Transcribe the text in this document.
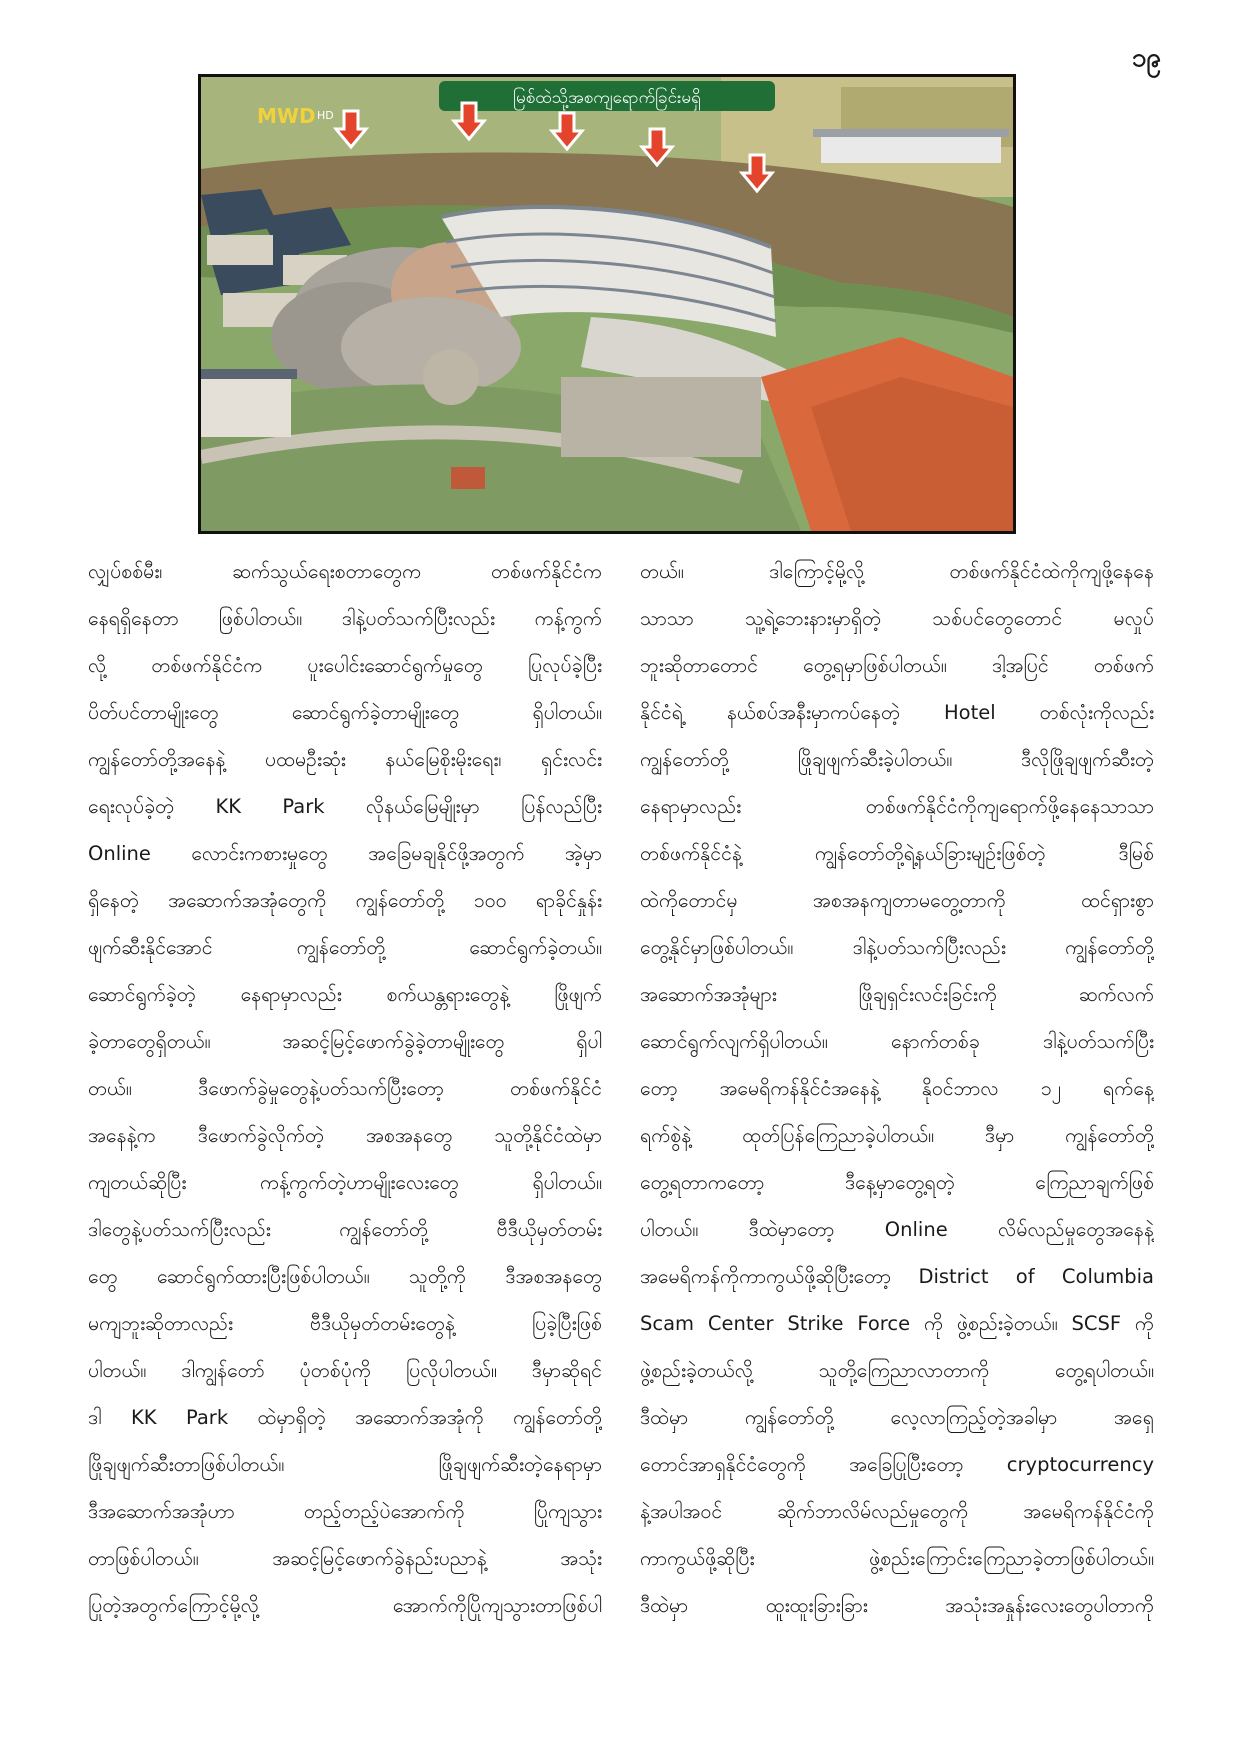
၁၉
မြစ်ထဲသို့အစကျရောက်ခြင်းမရှိ
MWD HD
လျှပ်စစ်မီး၊ ဆက်သွယ်ရေးစတာတွေက တစ်ဖက်နိုင်ငံက
နေရရှိနေတာ ဖြစ်ပါတယ်။ ဒါနဲ့ပတ်သက်ပြီးလည်း ကန့်ကွက်
လို့ တစ်ဖက်နိုင်ငံက ပူးပေါင်းဆောင်ရွက်မှုတွေ ပြုလုပ်ခဲ့ပြီး
ပိတ်ပင်တာမျိုးတွေ ဆောင်ရွက်ခဲ့တာမျိုးတွေ ရှိပါတယ်။
ကျွန်တော်တို့အနေနဲ့ ပထမဦးဆုံး နယ်မြေစိုးမိုးရေး၊ ရှင်းလင်း
ရေးလုပ်ခဲ့တဲ့ KK Park လိုနယ်မြေမျိုးမှာ ပြန်လည်ပြီး
Online လောင်းကစားမှုတွေ အခြေမချနိုင်ဖို့အတွက် အဲ့မှာ
ရှိနေတဲ့ အဆောက်အအုံတွေကို ကျွန်တော်တို့ ၁၀၀ ရာခိုင်နှုန်း
ဖျက်ဆီးနိုင်အောင် ကျွန်တော်တို့ ဆောင်ရွက်ခဲ့တယ်။
ဆောင်ရွက်ခဲ့တဲ့ နေရာမှာလည်း စက်ယန္တရားတွေနဲ့ ဖြိုဖျက်
ခဲ့တာတွေရှိတယ်။ အဆင့်မြင့်ဖောက်ခွဲခဲ့တာမျိုးတွေ ရှိပါ
တယ်။ ဒီဖောက်ခွဲမှုတွေနဲ့ပတ်သက်ပြီးတော့ တစ်ဖက်နိုင်ငံ
အနေနဲ့က ဒီဖောက်ခွဲလိုက်တဲ့ အစအနတွေ သူတို့နိုင်ငံထဲမှာ
ကျတယ်ဆိုပြီး ကန့်ကွက်တဲ့ဟာမျိုးလေးတွေ ရှိပါတယ်။
ဒါတွေနဲ့ပတ်သက်ပြီးလည်း ကျွန်တော်တို့ ဗီဒီယိုမှတ်တမ်း
တွေ ဆောင်ရွက်ထားပြီးဖြစ်ပါတယ်။ သူတို့ကို ဒီအစအနတွေ
မကျဘူးဆိုတာလည်း ဗီဒီယိုမှတ်တမ်းတွေနဲ့ ပြခဲ့ပြီးဖြစ်
ပါတယ်။ ဒါကျွန်တော် ပုံတစ်ပုံကို ပြလိုပါတယ်။ ဒီမှာဆိုရင်
ဒါ KK Park ထဲမှာရှိတဲ့ အဆောက်အအုံကို ကျွန်တော်တို့
ဖြိုချဖျက်ဆီးတာဖြစ်ပါတယ်။ ဖြိုချဖျက်ဆီးတဲ့နေရာမှာ
ဒီအဆောက်အအုံဟာ တည့်တည့်ပဲအောက်ကို ပြိုကျသွား
တာဖြစ်ပါတယ်။ အဆင့်မြင့်ဖောက်ခွဲနည်းပညာနဲ့ အသုံး
ပြုတဲ့အတွက်ကြောင့်မို့လို့ အောက်ကိုပြိုကျသွားတာဖြစ်ပါ
တယ်။ ဒါကြောင့်မို့လို့ တစ်ဖက်နိုင်ငံထဲကိုကျဖို့နေနေ
သာသာ သူ့ရဲ့ဘေးနားမှာရှိတဲ့ သစ်ပင်တွေတောင် မလှုပ်
ဘူးဆိုတာတောင် တွေ့ရမှာဖြစ်ပါတယ်။ ဒါ့အပြင် တစ်ဖက်
နိုင်ငံရဲ့ နယ်စပ်အနီးမှာကပ်နေတဲ့ Hotel တစ်လုံးကိုလည်း
ကျွန်တော်တို့ ဖြိုချဖျက်ဆီးခဲ့ပါတယ်။ ဒီလိုဖြိုချဖျက်ဆီးတဲ့
နေရာမှာလည်း တစ်ဖက်နိုင်ငံကိုကျရောက်ဖို့နေနေသာသာ
တစ်ဖက်နိုင်ငံနဲ့ ကျွန်တော်တို့ရဲ့နယ်ခြားမျဉ်းဖြစ်တဲ့ ဒီမြစ်
ထဲကိုတောင်မှ အစအနကျတာမတွေ့တာကို ထင်ရှားစွာ
တွေ့နိုင်မှာဖြစ်ပါတယ်။ ဒါနဲ့ပတ်သက်ပြီးလည်း ကျွန်တော်တို့
အဆောက်အအုံများ ဖြိုချရှင်းလင်းခြင်းကို ဆက်လက်
ဆောင်ရွက်လျက်ရှိပါတယ်။ နောက်တစ်ခု ဒါနဲ့ပတ်သက်ပြီး
တော့ အမေရိကန်နိုင်ငံအနေနဲ့ နိုဝင်ဘာလ ၁၂ ရက်နေ့
ရက်စွဲနဲ့ ထုတ်ပြန်ကြေညာခဲ့ပါတယ်။ ဒီမှာ ကျွန်တော်တို့
တွေ့ရတာကတော့ ဒီနေ့မှာတွေ့ရတဲ့ ကြေညာချက်ဖြစ်
ပါတယ်။ ဒီထဲမှာတော့ Online လိမ်လည်မှုတွေအနေနဲ့
အမေရိကန်ကိုကာကွယ်ဖို့ဆိုပြီးတော့ District of Columbia
Scam Center Strike Force ကို ဖွဲ့စည်းခဲ့တယ်။ SCSF ကို
ဖွဲ့စည်းခဲ့တယ်လို့ သူတို့ကြေညာလာတာကို တွေ့ရပါတယ်။
ဒီထဲမှာ ကျွန်တော်တို့ လေ့လာကြည့်တဲ့အခါမှာ အရှေ့
တောင်အာရှနိုင်ငံတွေကို အခြေပြုပြီးတော့ cryptocurrency
နဲ့အပါအဝင် ဆိုက်ဘာလိမ်လည်မှုတွေကို အမေရိကန်နိုင်ငံကို
ကာကွယ်ဖို့ဆိုပြီး ဖွဲ့စည်းကြောင်းကြေညာခဲ့တာဖြစ်ပါတယ်။
ဒီထဲမှာ ထူးထူးခြားခြား အသုံးအနှုန်းလေးတွေပါတာကို
